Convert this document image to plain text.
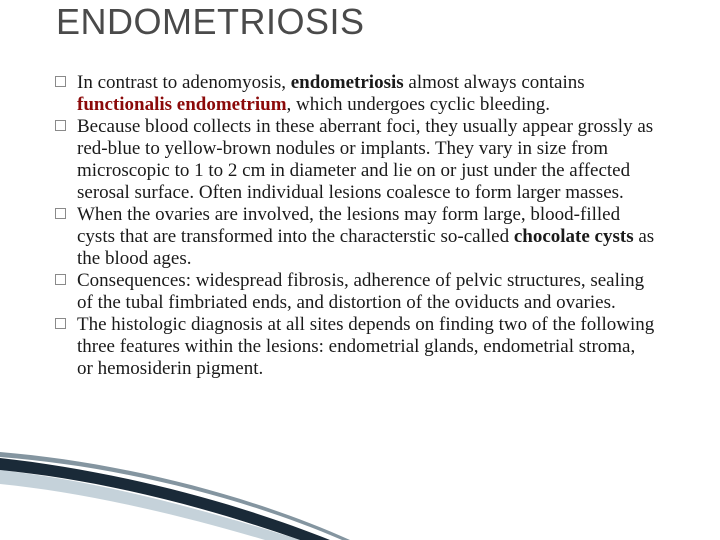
ENDOMETRIOSIS

In contrast to adenomyosis, endometriosis almost always contains functionalis endometrium, which undergoes cyclic bleeding.

Because blood collects in these aberrant foci, they usually appear grossly as red-blue to yellow-brown nodules or implants. They vary in size from microscopic to 1 to 2 cm in diameter and lie on or just under the affected serosal surface. Often individual lesions coalesce to form larger masses.

When the ovaries are involved, the lesions may form large, blood-filled cysts that are transformed into the characterstic so-called chocolate cysts as the blood ages.

Consequences: widespread fibrosis, adherence of pelvic structures, sealing of the tubal fimbriated ends, and distortion of the oviducts and ovaries.

The histologic diagnosis at all sites depends on finding two of the following three features within the lesions: endometrial glands, endometrial stroma, or hemosiderin pigment.
